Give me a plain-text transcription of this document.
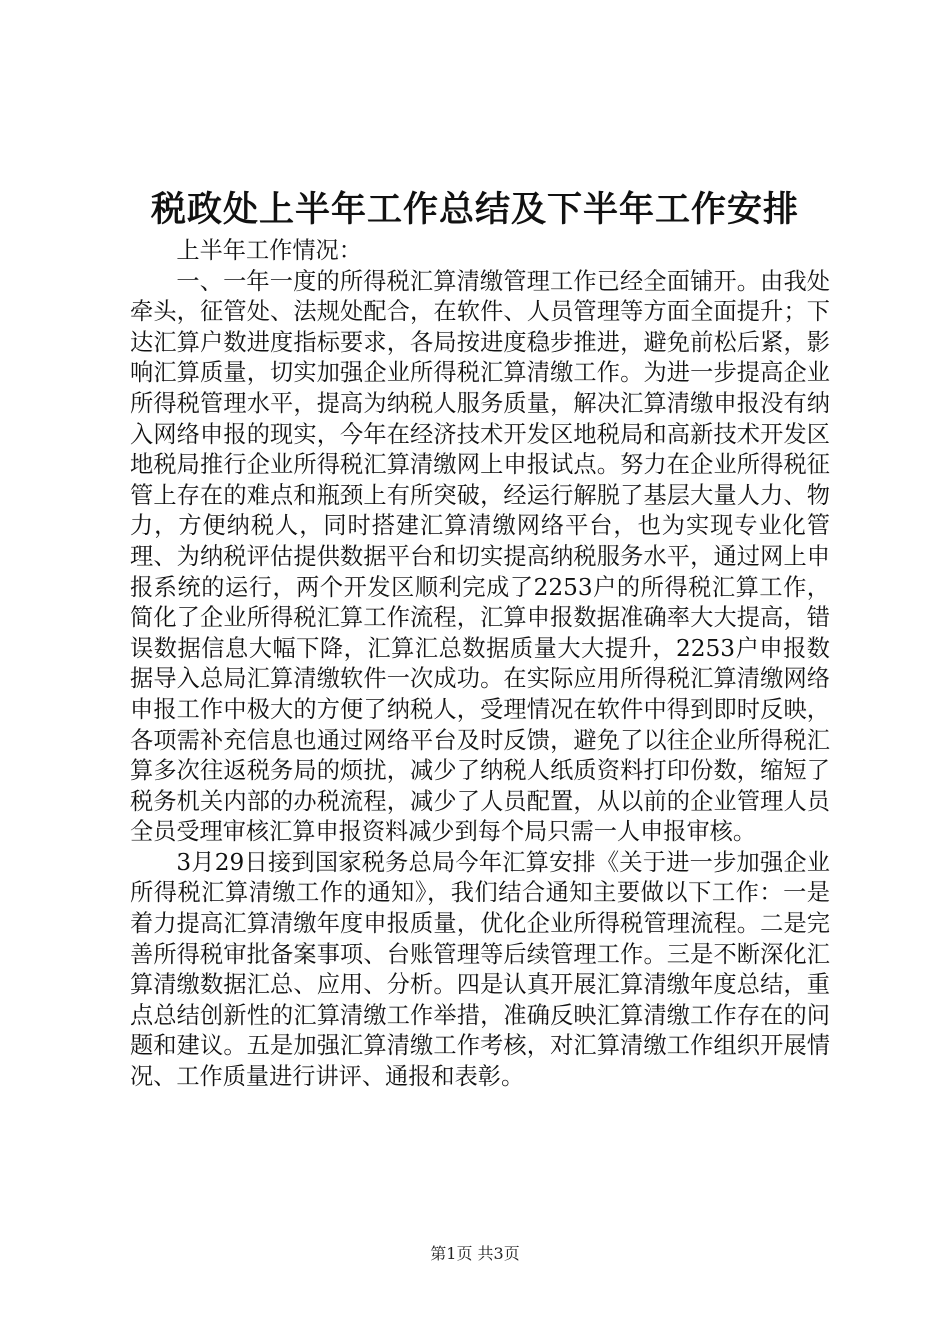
税政处上半年工作总结及下半年工作安排

上半年工作情况：

一、一年一度的所得税汇算清缴管理工作已经全面铺开。由我处牵头，征管处、法规处配合，在软件、人员管理等方面全面提升；下达汇算户数进度指标要求，各局按进度稳步推进，避免前松后紧，影响汇算质量，切实加强企业所得税汇算清缴工作。为进一步提高企业所得税管理水平，提高为纳税人服务质量，解决汇算清缴申报没有纳入网络申报的现实，今年在经济技术开发区地税局和高新技术开发区地税局推行企业所得税汇算清缴网上申报试点。努力在企业所得税征管上存在的难点和瓶颈上有所突破，经运行解脱了基层大量人力、物力，方便纳税人，同时搭建汇算清缴网络平台，也为实现专业化管理、为纳税评估提供数据平台和切实提高纳税服务水平，通过网上申报系统的运行，两个开发区顺利完成了2253户的所得税汇算工作，简化了企业所得税汇算工作流程，汇算申报数据准确率大大提高，错误数据信息大幅下降，汇算汇总数据质量大大提升，2253户申报数据导入总局汇算清缴软件一次成功。在实际应用所得税汇算清缴网络申报工作中极大的方便了纳税人，受理情况在软件中得到即时反映，各项需补充信息也通过网络平台及时反馈，避免了以往企业所得税汇算多次往返税务局的烦扰，减少了纳税人纸质资料打印份数，缩短了税务机关内部的办税流程，减少了人员配置，从以前的企业管理人员全员受理审核汇算申报资料减少到每个局只需一人申报审核。

3月29日接到国家税务总局今年汇算安排《关于进一步加强企业所得税汇算清缴工作的通知》，我们结合通知主要做以下工作：一是着力提高汇算清缴年度申报质量，优化企业所得税管理流程。二是完善所得税审批备案事项、台账管理等后续管理工作。三是不断深化汇算清缴数据汇总、应用、分析。四是认真开展汇算清缴年度总结，重点总结创新性的汇算清缴工作举措，准确反映汇算清缴工作存在的问题和建议。五是加强汇算清缴工作考核，对汇算清缴工作组织开展情况、工作质量进行讲评、通报和表彰。

第1页 共3页
